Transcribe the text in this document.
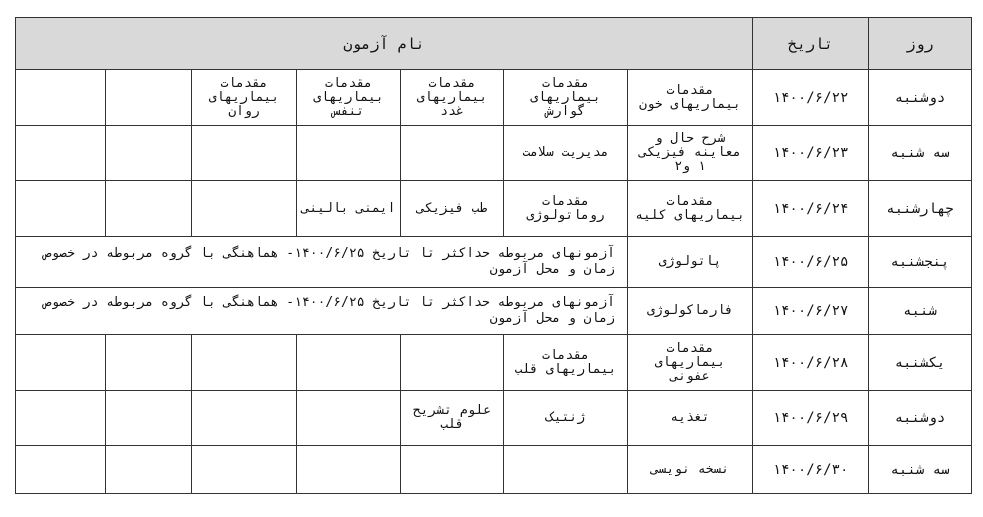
روز	تاریخ	نام آزمون						
دوشنبه	۱۴۰۰/۶/۲۲	مقدمات بیماریهای خون	مقدمات بیماریهای گوارش	مقدمات بیماریهای غدد	مقدمات بیماریهای تنفس	مقدمات بیماریهای روان		
سه شنبه	۱۴۰۰/۶/۲۳	شرح حال و معاینه فیزیکی ۱ و۲	مدیریت سلامت					
چهارشنبه	۱۴۰۰/۶/۲۴	مقدمات بیماریهای کلیه	مقدمات روماتولوژی	طب فیزیکی	ایمنی بالینی			
پنجشنبه	۱۴۰۰/۶/۲۵	پاتولوژی	آزمونهای مربوطه حداکثر تا تاریخ ۱۴۰۰/۶/۲۵- هماهنگی با گروه مربوطه در خصوص زمان و محل آزمون					
شنبه	۱۴۰۰/۶/۲۷	فارماکولوژی	آزمونهای مربوطه حداکثر تا تاریخ ۱۴۰۰/۶/۲۵- هماهنگی با گروه مربوطه در خصوص زمان و محل آزمون					
یکشنبه	۱۴۰۰/۶/۲۸	مقدمات بیماریهای عفونی	مقدمات بیماریهای قلب					
دوشنبه	۱۴۰۰/۶/۲۹	تغذیه	ژنتیک	علوم تشریح قلب				
سه شنبه	۱۴۰۰/۶/۳۰	نسخه نویسی						
